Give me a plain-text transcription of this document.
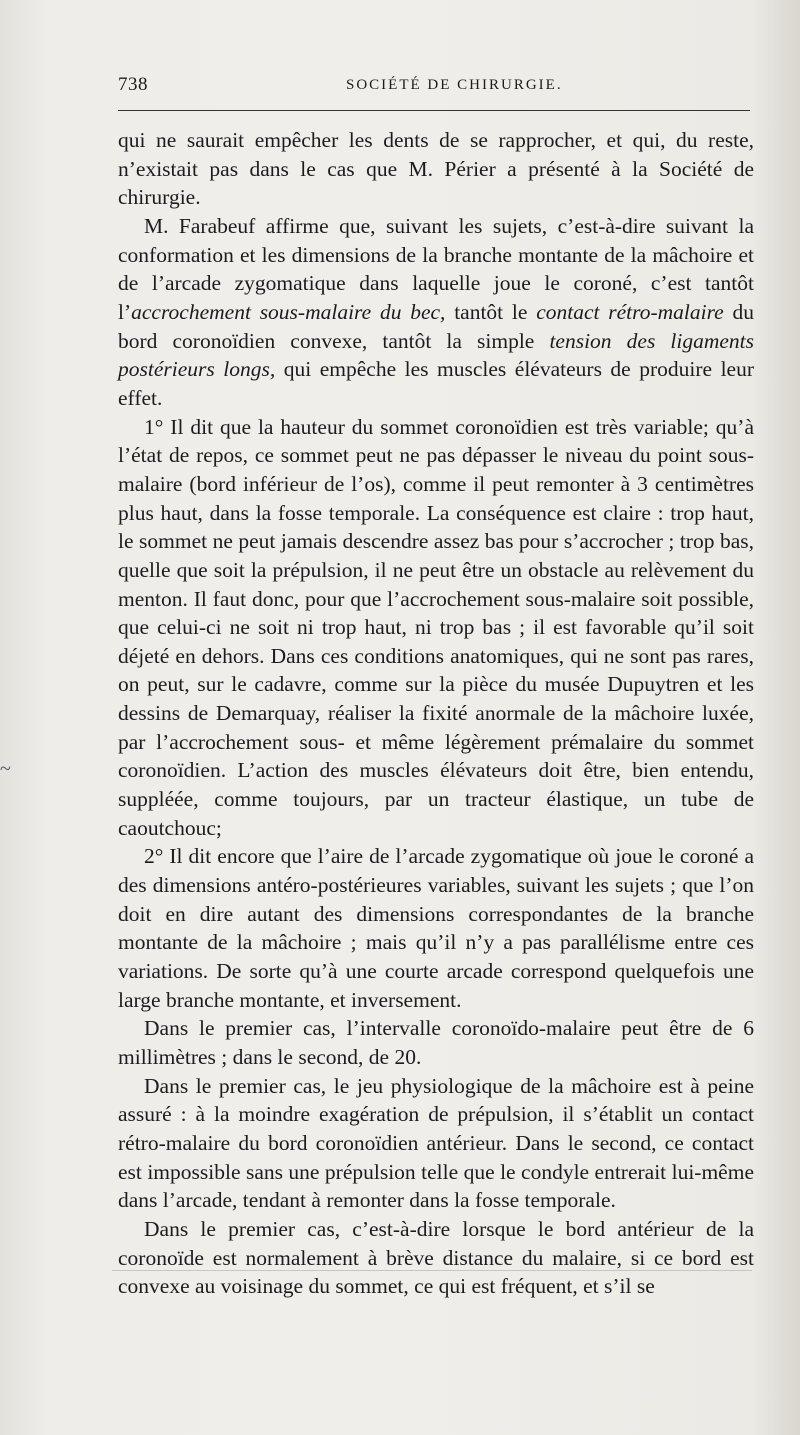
738	SOCIÉTÉ DE CHIRURGIE.
~

qui ne saurait empêcher les dents de se rapprocher, et qui, du reste, n’existait pas dans le cas que M. Périer a présenté à la Société de chirurgie.

M. Farabeuf affirme que, suivant les sujets, c’est-à-dire suivant la conformation et les dimensions de la branche montante de la mâchoire et de l’arcade zygomatique dans laquelle joue le coroné, c’est tantôt l’accrochement sous-malaire du bec, tantôt le contact rétro-malaire du bord coronoïdien convexe, tantôt la simple tension des ligaments postérieurs longs, qui empêche les muscles élévateurs de produire leur effet.

1° Il dit que la hauteur du sommet coronoïdien est très variable; qu’à l’état de repos, ce sommet peut ne pas dépasser le niveau du point sous-malaire (bord inférieur de l’os), comme il peut remonter à 3 centimètres plus haut, dans la fosse temporale. La conséquence est claire : trop haut, le sommet ne peut jamais descendre assez bas pour s’accrocher ; trop bas, quelle que soit la prépulsion, il ne peut être un obstacle au relèvement du menton. Il faut donc, pour que l’accrochement sous-malaire soit possible, que celui-ci ne soit ni trop haut, ni trop bas ; il est favorable qu’il soit déjeté en dehors. Dans ces conditions anatomiques, qui ne sont pas rares, on peut, sur le cadavre, comme sur la pièce du musée Dupuytren et les dessins de Demarquay, réaliser la fixité anormale de la mâchoire luxée, par l’accrochement sous- et même légèrement prémalaire du sommet coronoïdien. L’action des muscles élévateurs doit être, bien entendu, suppléée, comme toujours, par un tracteur élastique, un tube de caoutchouc;

2° Il dit encore que l’aire de l’arcade zygomatique où joue le coroné a des dimensions antéro-postérieures variables, suivant les sujets ; que l’on doit en dire autant des dimensions correspondantes de la branche montante de la mâchoire ; mais qu’il n’y a pas parallélisme entre ces variations. De sorte qu’à une courte arcade correspond quelquefois une large branche montante, et inversement.

Dans le premier cas, l’intervalle coronoïdo-malaire peut être de 6 millimètres ; dans le second, de 20.

Dans le premier cas, le jeu physiologique de la mâchoire est à peine assuré : à la moindre exagération de prépulsion, il s’établit un contact rétro-malaire du bord coronoïdien antérieur. Dans le second, ce contact est impossible sans une prépulsion telle que le condyle entrerait lui-même dans l’arcade, tendant à remonter dans la fosse temporale.

Dans le premier cas, c’est-à-dire lorsque le bord antérieur de la coronoïde est normalement à brève distance du malaire, si ce bord est convexe au voisinage du sommet, ce qui est fréquent, et s’il se
